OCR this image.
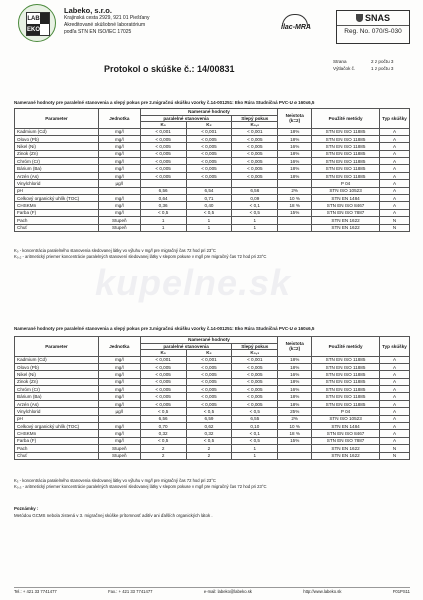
LAB
EKO
Labeko, s.r.o.
Krajinská cesta 2929, 921 01 Piešťany
Akreditované skúšobné laboratórium
podľa STN EN ISO/IEC 17025
ilac-MRA
SNAS
Reg. No. 070/S-030
Protokol o skúške č.: 14/00831
Strana	2 z počtu 3
Výtlačok č.	1 z počtu 3
Namerané hodnoty pre paralelné stanovenia a slepý pokus pre 2.migračnú skúšku vzorky č.14-001251: Eko Rúra Studničná PVC-U ø 160x6,5
Parameter	Jednotka	Namerané hodnoty			Neistota
(k=2)	Použité metódy	Typ skúšky
		paralelné stanovenia		Slepý pokus			
		K₀	K₂	K₀,₂			
Kadmium (Cd)	mg/l	< 0,001	< 0,001	< 0,001	18%	STN EN ISO 11885	A
Olovo (Pb)	mg/l	< 0,005	< 0,005	< 0,005	18%	STN EN ISO 11885	A
Nikel (Ni)	mg/l	< 0,005	< 0,005	< 0,005	16%	STN EN ISO 11885	A
Zinok (Zn)	mg/l	< 0,005	< 0,005	< 0,005	18%	STN EN ISO 11885	A
Chróm (Cr)	mg/l	< 0,005	< 0,005	< 0,005	16%	STN EN ISO 11885	A
Bárium (Ba)	mg/l	< 0,005	< 0,005	< 0,005	18%	STN EN ISO 11885	A
Arzén (As)	mg/l	< 0,005	< 0,005	< 0,005	18%	STN EN ISO 11885	A
Vinylchlorid	µg/l					P 04	A
pH		6,56	6,54	6,56	2%	STN ISO 10523	A
Celkový organický uhlík (TOC)	mg/l	0,64	0,71	0,09	10 %	STN EN 1484	A
CHSKMn	mg/l	0,36	0,40	< 0,1	18 %	STN EN ISO 8467	A
Farba (F)	mg/l	< 0,5	< 0,5	< 0,5	15%	STN EN ISO 7887	A
Pach	Stupeň	1	1	1		STN EN 1622	N
Chuť	Stupeň	1	1	1		STN EN 1622	N
K₀ - koncentrácia paralelného stanovenia sledovanej látky vo výluhu v mg/l pre migračný čas 72 hod pri 23°C
K₀,₂ - aritmetický priemer koncentrácie paralelných stanovení sledovanej látky v slepom pokuse v mg/l pre migračný čas 72 hod pri 23°C
kupelne.sk
Namerané hodnoty pre paralelné stanovenia a slepý pokus pre 3.migračnú skúšku vzorky č.14-001251: Eko Rúra Studničná PVC-U ø 160x6,5
Parameter	Jednotka	Namerané hodnoty			Neistota
(k=2)	Použité metódy	Typ skúšky
		paralelné stanovenia		Slepý pokus			
		K₀	K₃	K₀,₃			
Kadmium (Cd)	mg/l	< 0,001	< 0,001	< 0,001	18%	STN EN ISO 11885	A
Olovo (Pb)	mg/l	< 0,005	< 0,005	< 0,005	18%	STN EN ISO 11885	A
Nikel (Ni)	mg/l	< 0,005	< 0,005	< 0,005	16%	STN EN ISO 11885	A
Zinok (Zn)	mg/l	< 0,005	< 0,005	< 0,005	18%	STN EN ISO 11885	A
Chróm (Cr)	mg/l	< 0,005	< 0,005	< 0,005	16%	STN EN ISO 11885	A
Bárium (Ba)	mg/l	< 0,005	< 0,005	< 0,005	18%	STN EN ISO 11885	A
Arzén (As)	mg/l	< 0,005	< 0,005	< 0,005	18%	STN EN ISO 11885	A
Vinylchlorid	µg/l	< 0,5	< 0,5	< 0,5	25%	P 04	A
pH		6,56	6,59	6,55	2%	STN ISO 10523	A
Celkový organický uhlík (TOC)	mg/l	0,70	0,62	0,10	10 %	STN EN 1484	A
CHSKMn	mg/l	0,32	0,32	< 0,1	18 %	STN EN ISO 8467	A
Farba (F)	mg/l	< 0,5	< 0,5	< 0,5	15%	STN EN ISO 7887	A
Pach	Stupeň	2	2	1		STN EN 1622	N
Chuť	Stupeň	2	2	1		STN EN 1622	N
K₃ - koncentrácia paralelného stanovenia sledovanej látky vo výluhu v mg/l pre migračný čas 72 hod pri 23°C
K₀,₃ - aritmetický priemer koncentrácie paralelných stanovení sledovanej látky v slepom pokuse v mg/l pre migračný čas 72 hod pri 23°C
Poznámky :
Metódou GCMS nebola zistená v 3. migračnej skúške prítomnosť aditív ani ďalších organických látok .
Tel.: + 421 33 7741477	Fax.: + 421 33 7741477	e-mail: labeko@labeko.sk	http://www.labeko.sk	F01PS11
